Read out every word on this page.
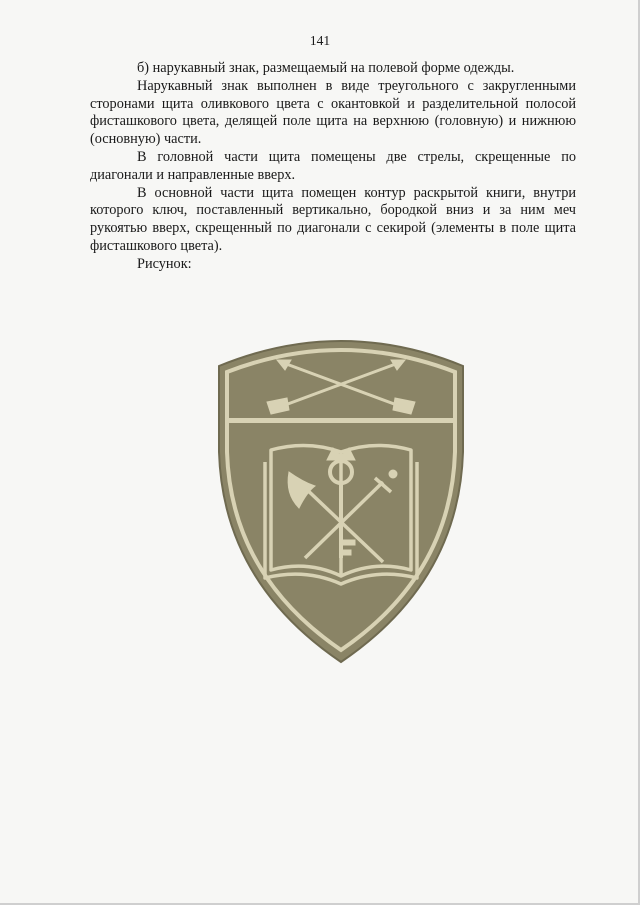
141

б) нарукавный знак, размещаемый на полевой форме одежды.

Нарукавный знак выполнен в виде треугольного с закругленными сторонами щита оливкового цвета с окантовкой и разделительной полосой фисташкового цвета, делящей поле щита на верхнюю (головную) и нижнюю (основную) части.

В головной части щита помещены две стрелы, скрещенные по диагонали и направленные вверх.

В основной части щита помещен контур раскрытой книги, внутри которого ключ, поставленный вертикально, бородкой вниз и за ним меч рукоятью вверх, скрещенный по диагонали с секирой (элементы в поле щита фисташкового цвета).

Рисунок:
